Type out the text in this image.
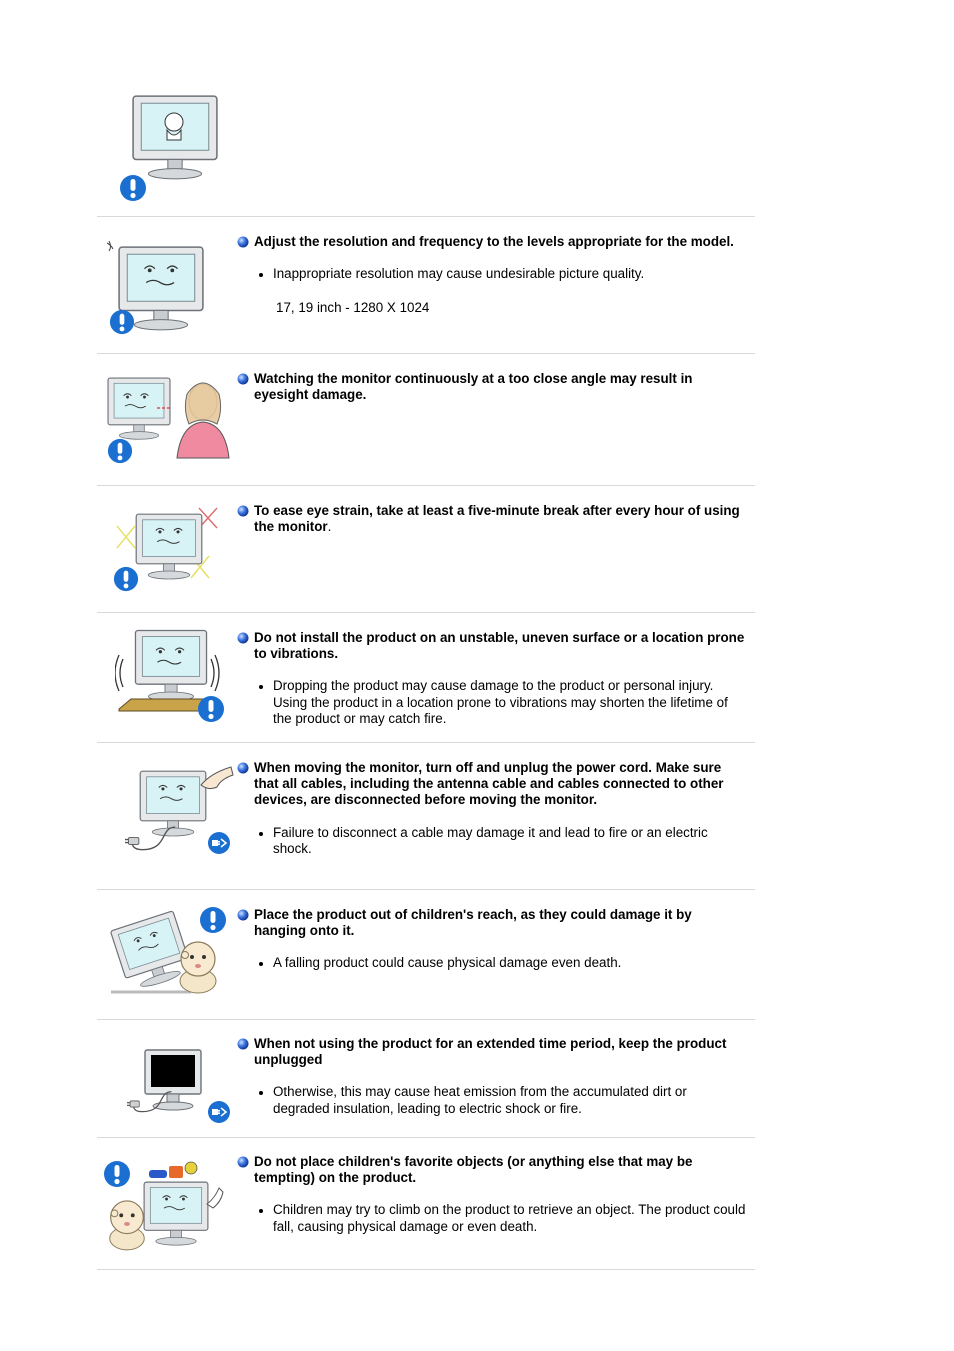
Adjust the resolution and frequency to the levels appropriate for the model.
Inappropriate resolution may cause undesirable picture quality.
17, 19 inch - 1280 X 1024
Watching the monitor continuously at a too close angle may result in eyesight damage.
To ease eye strain, take at least a five-minute break after every hour of using the monitor.
Do not install the product on an unstable, uneven surface or a location prone to vibrations.
Dropping the product may cause damage to the product or personal injury. Using the product in a location prone to vibrations may shorten the lifetime of the product or may catch fire.
When moving the monitor, turn off and unplug the power cord. Make sure that all cables, including the antenna cable and cables connected to other devices, are disconnected before moving the monitor.
Failure to disconnect a cable may damage it and lead to fire or an electric shock.
Place the product out of children's reach, as they could damage it by hanging onto it.
A falling product could cause physical damage even death.
When not using the product for an extended time period, keep the product unplugged
Otherwise, this may cause heat emission from the accumulated dirt or degraded insulation, leading to electric shock or fire.
Do not place children's favorite objects (or anything else that may be tempting) on the product.
Children may try to climb on the product to retrieve an object. The product could fall, causing physical damage or even death.
